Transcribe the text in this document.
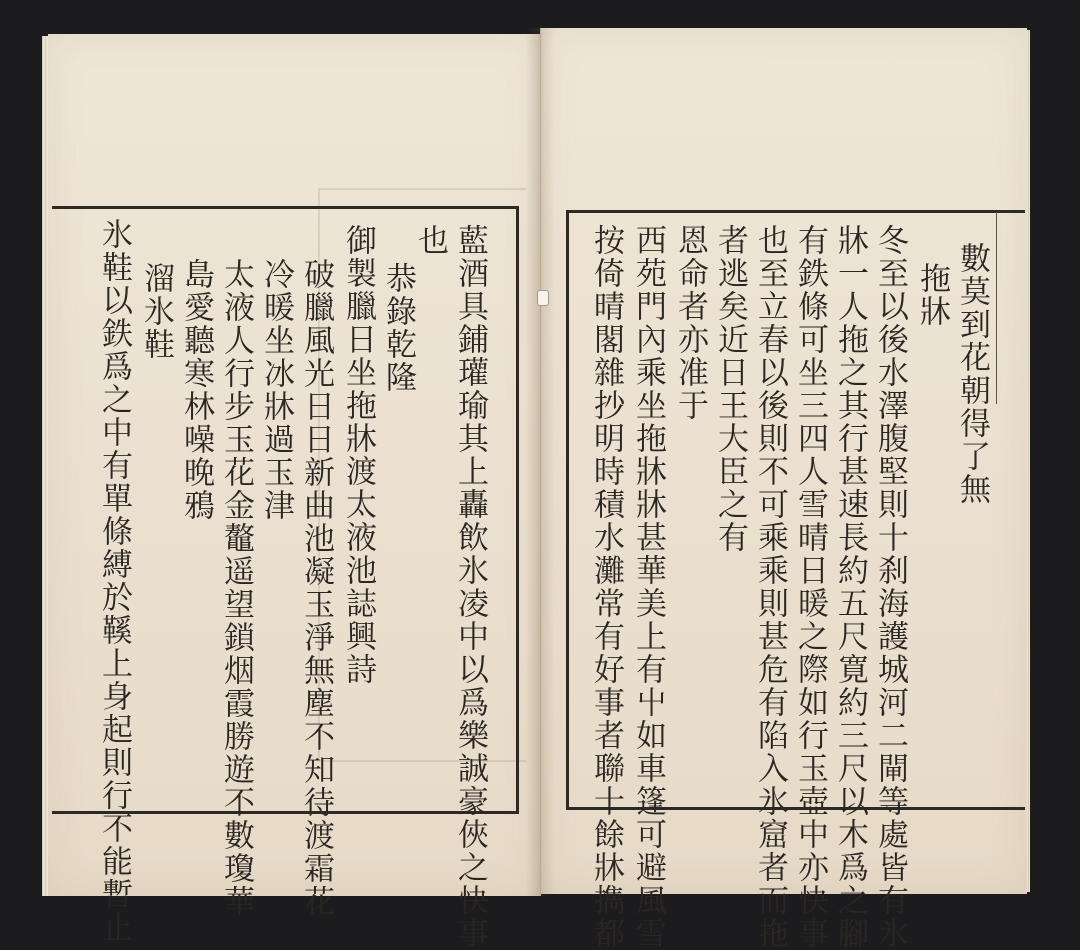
藍酒具鋪瓘瑜其上轟飲氷凌中以爲樂誠豪俠之快事
也
恭錄乾隆
御製臘日坐拖牀渡太液池誌興詩
破臘風光日日新曲池凝玉淨無塵不知待渡霜花
冷暖坐冰牀過玉津
太液人行步玉花金鼇遥望鎖烟霞勝遊不數瓊華
島愛聽寒林噪晚鴉
溜氷鞋
氷鞋以鉄爲之中有單條縛於鞵上身起則行不能暫止	數莫到花朝得了無
拖牀
冬至以後水澤腹堅則十刹海護城河二閘等處皆有氷
牀一人拖之其行甚速長約五尺寛約三尺以木爲之腳
有鉄條可坐三四人雪晴日暖之際如行玉壺中亦快事
也至立春以後則不可乘乘則甚危有陷入氷窟者而拖
者逃矣近日王大臣之有
恩命者亦准于
西苑門內乘坐拖牀牀甚華美上有屮如車篷可避風雪
按倚晴閣雜抄明時積水灘常有好事者聯十餘牀擕都
